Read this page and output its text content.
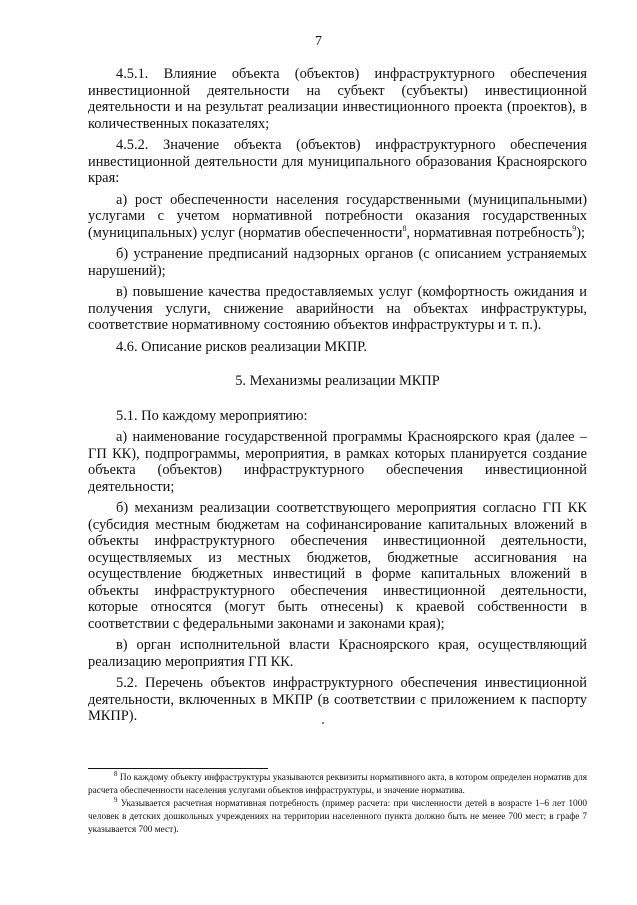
7

4.5.1. Влияние объекта (объектов) инфраструктурного обеспечения инвестиционной деятельности на субъект (субъекты) инвестиционной деятельности и на результат реализации инвестиционного проекта (проектов), в количественных показателях;

4.5.2. Значение объекта (объектов) инфраструктурного обеспечения инвестиционной деятельности для муниципального образования Красноярского края:

а) рост обеспеченности населения государственными (муниципальными) услугами с учетом нормативной потребности оказания государственных (муниципальных) услуг (норматив обеспеченности$^8$, нормативная потребность$^9$);

б) устранение предписаний надзорных органов (с описанием устраняемых нарушений);

в) повышение качества предоставляемых услуг (комфортность ожидания и получения услуги, снижение аварийности на объектах инфраструктуры, соответствие нормативному состоянию объектов инфраструктуры и т. п.).

4.6. Описание рисков реализации МКПР.

5. Механизмы реализации МКПР

5.1. По каждому мероприятию:

а) наименование государственной программы Красноярского края (далее – ГП КК), подпрограммы, мероприятия, в рамках которых планируется создание объекта (объектов) инфраструктурного обеспечения инвестиционной деятельности;

б) механизм реализации соответствующего мероприятия согласно ГП КК (субсидия местным бюджетам на софинансирование капитальных вложений в объекты инфраструктурного обеспечения инвестиционной деятельности, осуществляемых из местных бюджетов, бюджетные ассигнования на осуществление бюджетных инвестиций в форме капитальных вложений в объекты инфраструктурного обеспечения инвестиционной деятельности, которые относятся (могут быть отнесены) к краевой собственности в соответствии с федеральными законами и законами края);

в) орган исполнительной власти Красноярского края, осуществляющий реализацию мероприятия ГП КК.

5.2. Перечень объектов инфраструктурного обеспечения инвестиционной деятельности, включенных в МКПР (в соответствии с приложением к паспорту МКПР).

$^8$ По каждому объекту инфраструктуры указываются реквизиты нормативного акта, в котором определен норматив для расчета обеспеченности населения услугами объектов инфраструктуры, и значение норматива.

$^9$ Указывается расчетная нормативная потребность (пример расчета: при численности детей в возрасте 1–6 лет 1000 человек в детских дошкольных учреждениях на территории населенного пункта должно быть не менее 700 мест; в графе 7 указывается 700 мест).
